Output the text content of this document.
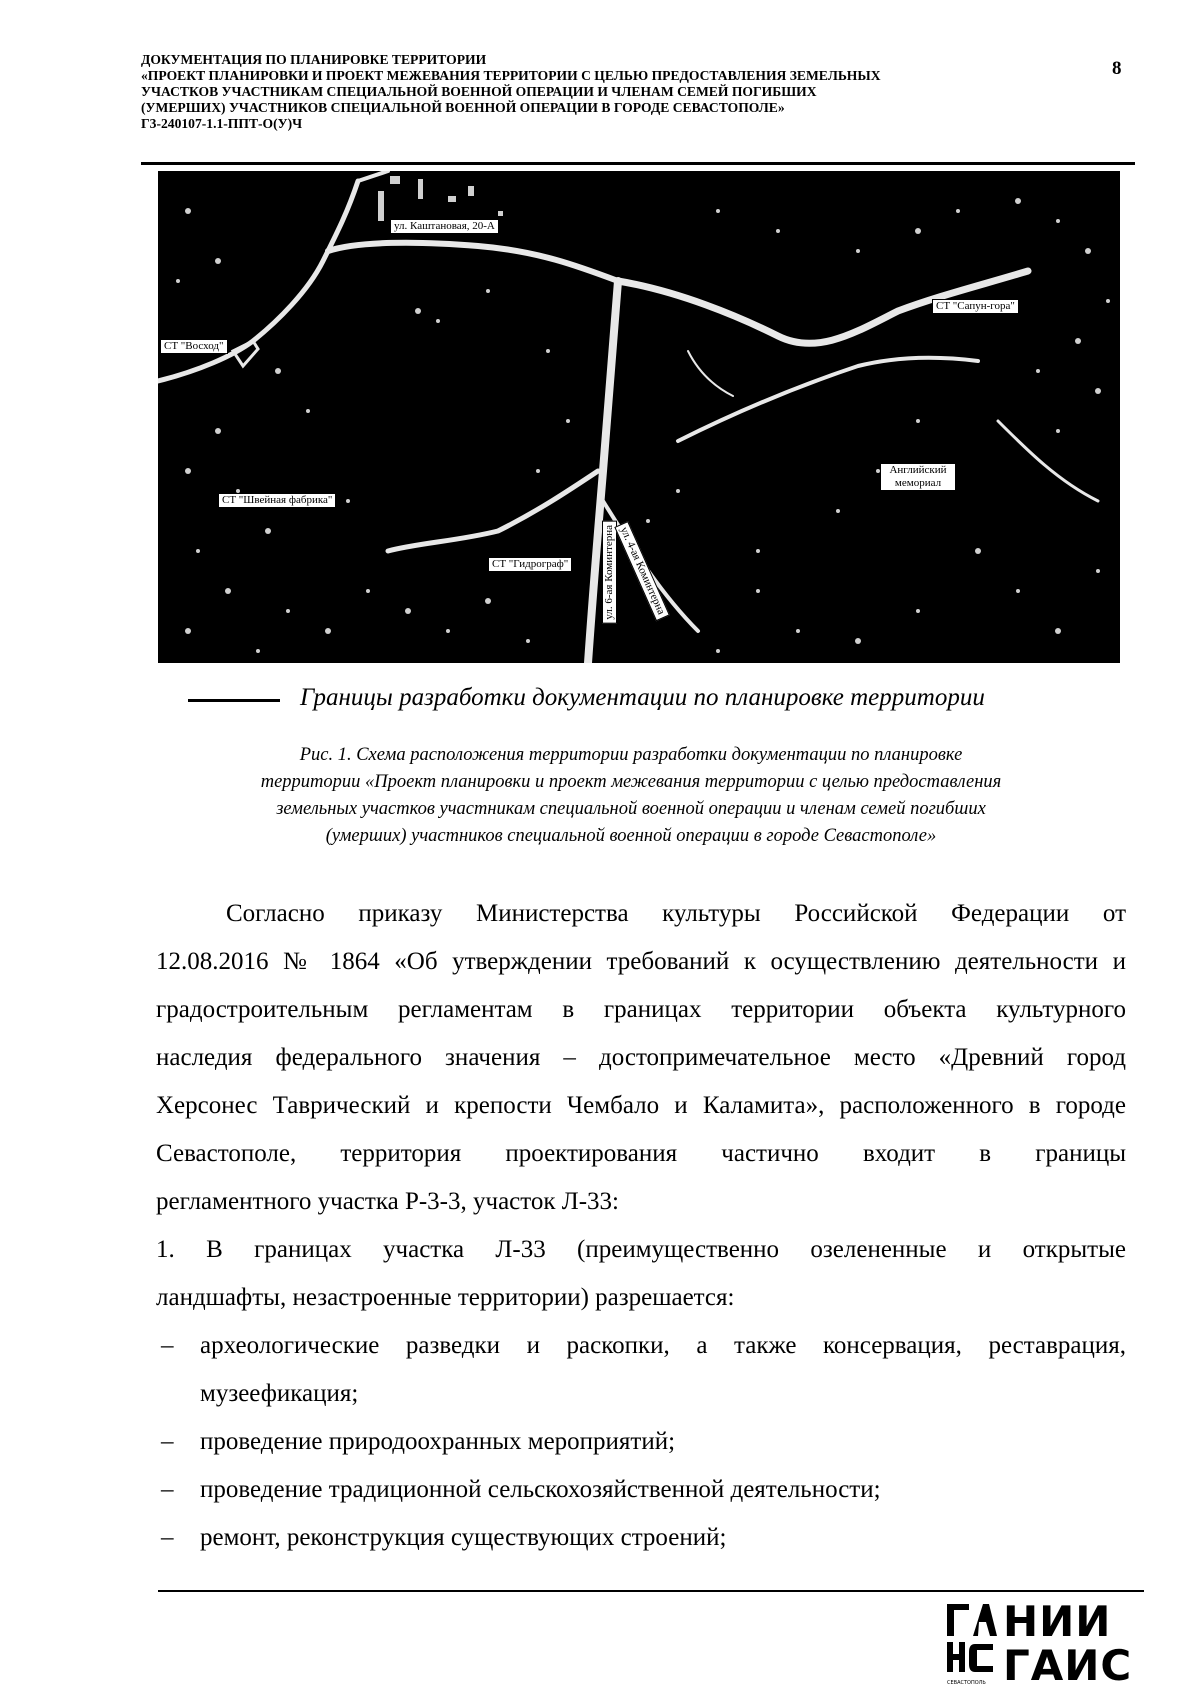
ДОКУМЕНТАЦИЯ ПО ПЛАНИРОВКЕ ТЕРРИТОРИИ
«ПРОЕКТ ПЛАНИРОВКИ И ПРОЕКТ МЕЖЕВАНИЯ ТЕРРИТОРИИ С ЦЕЛЬЮ ПРЕДОСТАВЛЕНИЯ ЗЕМЕЛЬНЫХ
УЧАСТКОВ УЧАСТНИКАМ СПЕЦИАЛЬНОЙ ВОЕННОЙ ОПЕРАЦИИ И ЧЛЕНАМ СЕМЕЙ ПОГИБШИХ
(УМЕРШИХ) УЧАСТНИКОВ СПЕЦИАЛЬНОЙ ВОЕННОЙ ОПЕРАЦИИ В ГОРОДЕ СЕВАСТОПОЛЕ»
Г3-240107-1.1-ППТ-О(У)Ч
8
ул. Каштановая, 20-А
СТ "Восход"
СТ "Сапун-гора"
Английский мемориал
СТ "Швейная фабрика"
СТ "Гидрограф"	ул. 6-ая Коминтерна ул. 4-ая Коминтерна
Границы разработки документации по планировке территории
Рис. 1. Схема расположения территории разработки документации по планировке
территории «Проект планировки и проект межевания территории с целью предоставления
земельных участков участникам специальной военной операции и членам семей погибших
(умерших) участников специальной военной операции в городе Севастополе»
Согласно приказу Министерства культуры Российской Федерации от
12.08.2016 № 1864 «Об утверждении требований к осуществлению деятельности и
градостроительным регламентам в границах территории объекта культурного
наследия федерального значения – достопримечательное место «Древний город
Херсонес Таврический и крепости Чембало и Каламита», расположенного в городе
Севастополе, территория проектирования частично входит в границы
регламентного участка Р-3-3, участок Л-33:
1. В границах участка Л-33 (преимущественно озелененные и открытые
ландшафты, незастроенные территории) разрешается:
– археологические разведки и раскопки, а также консервация, реставрация,
музеефикация;
– проведение природоохранных мероприятий;
– проведение традиционной сельскохозяйственной деятельности;
– ремонт, реконструкция существующих строений;
НИИ
ГАИС
СЕВАСТОПОЛЬ
